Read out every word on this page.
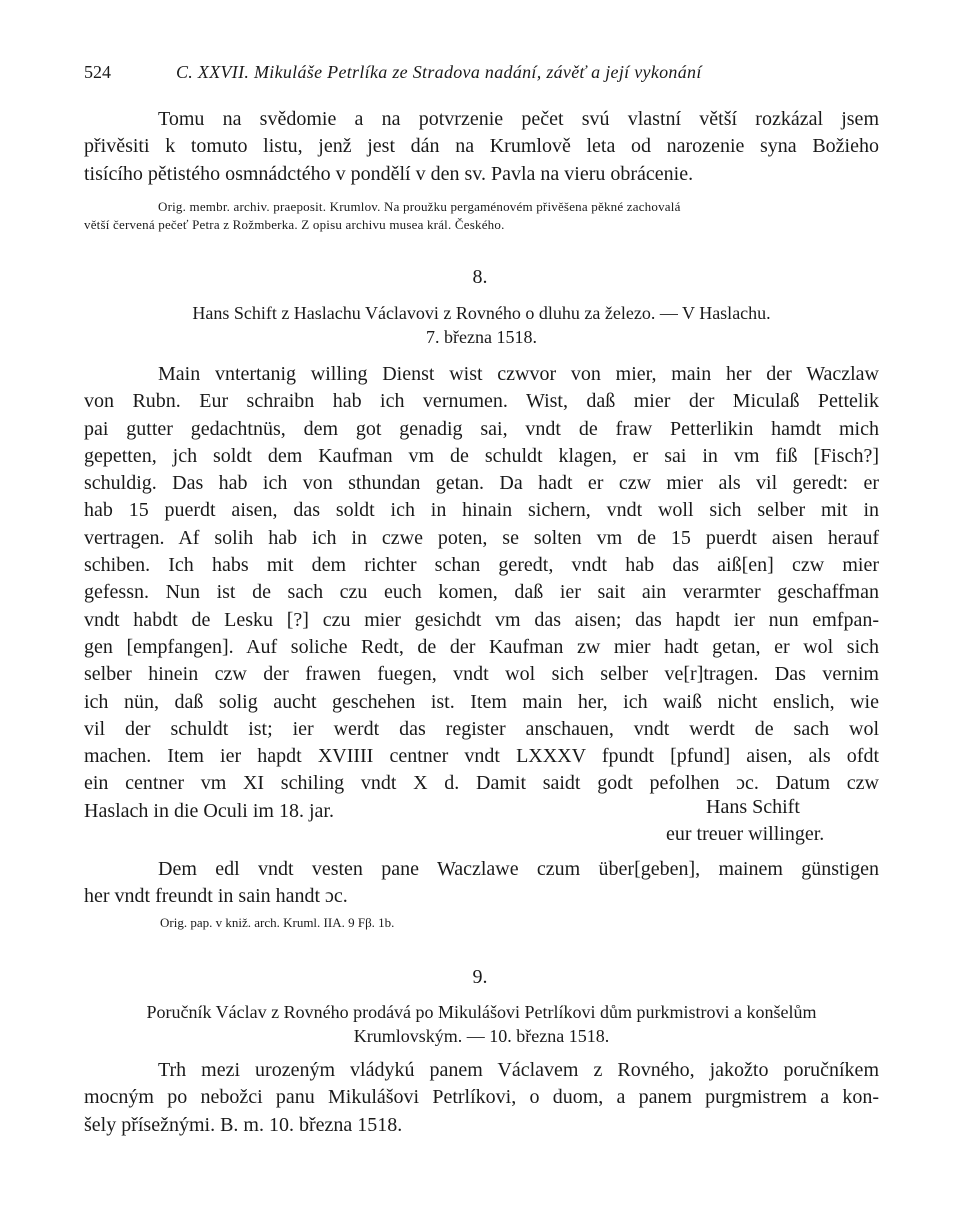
524	C. XXVII. Mikuláše Petrlíka ze Stradova nadání, závěť a její vykonání

Tomu na svědomie a na potvrzenie pečet svú vlastní větší rozkázal jsem
přivěsiti k tomuto listu, jenž jest dán na Krumlově leta od narozenie syna Božieho
tisícího pětistého osmnádctého v pondělí v den sv. Pavla na vieru obrácenie.

Orig. membr. archiv. praeposit. Krumlov. Na proužku pergaménovém přivěšena pěkné zachovalá
větší červená pečeť Petra z Rožmberka. Z opisu archivu musea král. Českého.

8.
Hans Schift z Haslachu Václavovi z Rovného o dluhu za železo. — V Haslachu.
7. března 1518.

Main vntertanig willing Dienst wist czwvor von mier, main her der Waczlaw
von Rubn. Eur schraibn hab ich vernumen. Wist, daß mier der Miculaß Pettelik
pai gutter gedachtnüs, dem got genadig sai, vndt de fraw Petterlikin hamdt mich
gepetten, jch soldt dem Kaufman vm de schuldt klagen, er sai in vm fiß [Fisch?]
schuldig. Das hab ich von sthundan getan. Da hadt er czw mier als vil geredt: er
hab 15 puerdt aisen, das soldt ich in hinain sichern, vndt woll sich selber mit in
vertragen. Af solih hab ich in czwe poten, se solten vm de 15 puerdt aisen herauf
schiben. Ich habs mit dem richter schan geredt, vndt hab das aiß[en] czw mier
gefessn. Nun ist de sach czu euch komen, daß ier sait ain verarmter geschaffman
vndt habdt de Lesku [?] czu mier gesichdt vm das aisen; das hapdt ier nun emfpan-
gen [empfangen]. Auf soliche Redt, de der Kaufman zw mier hadt getan, er wol sich
selber hinein czw der frawen fuegen, vndt wol sich selber ve[r]tragen. Das vernim
ich nün, daß solig aucht geschehen ist. Item main her, ich waiß nicht enslich, wie
vil der schuldt ist; ier werdt das register anschauen, vndt werdt de sach wol
machen. Item ier hapdt XVIIII centner vndt LXXXV fpundt [pfund] aisen, als ofdt
ein centner vm XI schiling vndt X d. Damit saidt godt pefolhen ɔc. Datum czw
Haslach in die Oculi im 18. jar.	Hans Schift
eur treuer willinger.

Dem edl vndt vesten pane Waczlawe czum über[geben], mainem günstigen
her vndt freundt in sain handt ɔc.

Orig. pap. v kniž. arch. Kruml. IIA. 9 Fβ. 1b.
9.
Poručník Václav z Rovného prodává po Mikulášovi Petrlíkovi dům purkmistrovi a konšelům
Krumlovským. — 10. března 1518.

Trh mezi urozeným vládykú panem Václavem z Rovného, jakožto poručníkem
mocným po nebožci panu Mikulášovi Petrlíkovi, o duom, a panem purgmistrem a kon-
šely přísežnými. B. m. 10. března 1518.
